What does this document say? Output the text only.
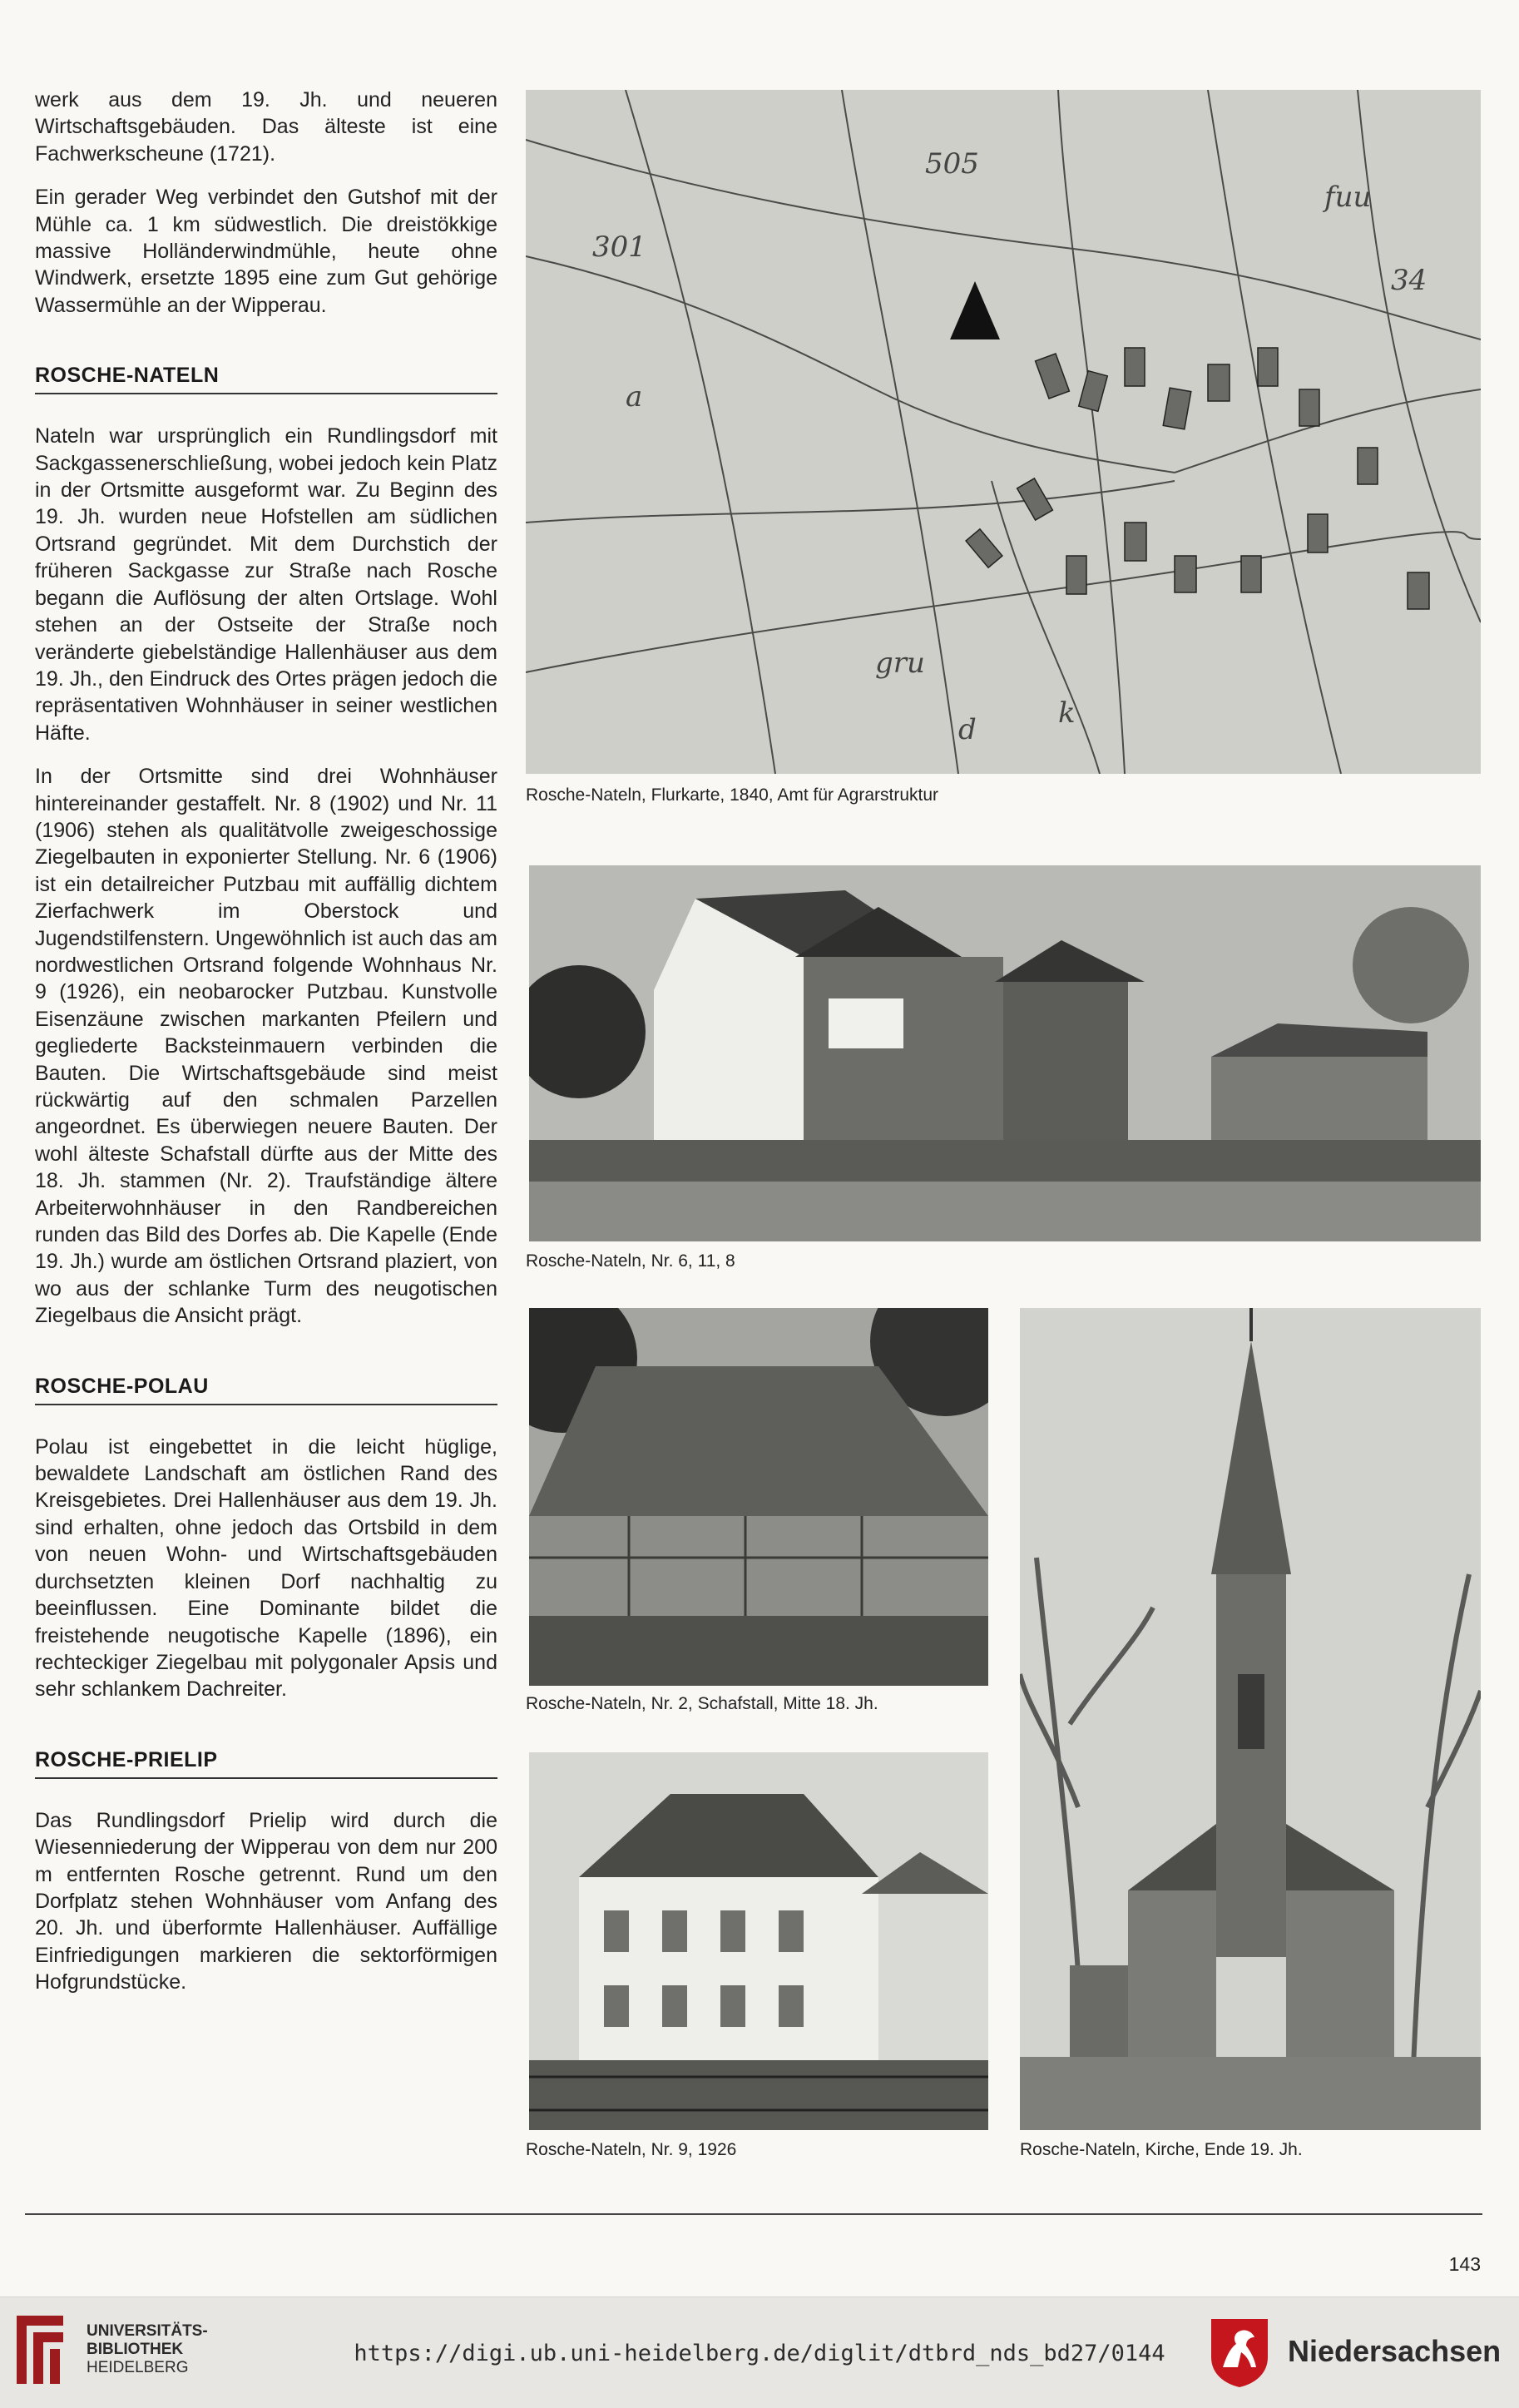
werk aus dem 19. Jh. und neueren Wirtschaftsgebäuden. Das älteste ist eine Fachwerkscheune (1721).

Ein gerader Weg verbindet den Gutshof mit der Mühle ca. 1 km südwestlich. Die dreistökkige massive Holländerwindmühle, heute ohne Windwerk, ersetzte 1895 eine zum Gut gehörige Wassermühle an der Wipperau.

ROSCHE-NATELN

Nateln war ursprünglich ein Rundlingsdorf mit Sackgassenerschließung, wobei jedoch kein Platz in der Ortsmitte ausgeformt war. Zu Beginn des 19. Jh. wurden neue Hofstellen am südlichen Ortsrand gegründet. Mit dem Durchstich der früheren Sackgasse zur Straße nach Rosche begann die Auflösung der alten Ortslage. Wohl stehen an der Ostseite der Straße noch veränderte giebelständige Hallenhäuser aus dem 19. Jh., den Eindruck des Ortes prägen jedoch die repräsentativen Wohnhäuser in seiner westlichen Häfte.

In der Ortsmitte sind drei Wohnhäuser hintereinander gestaffelt. Nr. 8 (1902) und Nr. 11 (1906) stehen als qualitätvolle zweigeschossige Ziegelbauten in exponierter Stellung. Nr. 6 (1906) ist ein detailreicher Putzbau mit auffällig dichtem Zierfachwerk im Oberstock und Jugendstilfenstern. Ungewöhnlich ist auch das am nordwestlichen Ortsrand folgende Wohnhaus Nr. 9 (1926), ein neobarocker Putzbau. Kunstvolle Eisenzäune zwischen markanten Pfeilern und gegliederte Backsteinmauern verbinden die Bauten. Die Wirtschaftsgebäude sind meist rückwärtig auf den schmalen Parzellen angeordnet. Es überwiegen neuere Bauten. Der wohl älteste Schafstall dürfte aus der Mitte des 18. Jh. stammen (Nr. 2). Traufständige ältere Arbeiterwohnhäuser in den Randbereichen runden das Bild des Dorfes ab. Die Kapelle (Ende 19. Jh.) wurde am östlichen Ortsrand plaziert, von wo aus der schlanke Turm des neugotischen Ziegelbaus die Ansicht prägt.

ROSCHE-POLAU

Polau ist eingebettet in die leicht hüglige, bewaldete Landschaft am östlichen Rand des Kreisgebietes. Drei Hallenhäuser aus dem 19. Jh. sind erhalten, ohne jedoch das Ortsbild in dem von neuen Wohn- und Wirtschaftsgebäuden durchsetzten kleinen Dorf nachhaltig zu beeinflussen. Eine Dominante bildet die freistehende neugotische Kapelle (1896), ein rechteckiger Ziegelbau mit polygonaler Apsis und sehr schlankem Dachreiter.

ROSCHE-PRIELIP

Das Rundlingsdorf Prielip wird durch die Wiesenniederung der Wipperau von dem nur 200 m entfernten Rosche getrennt. Rund um den Dorfplatz stehen Wohnhäuser vom Anfang des 20. Jh. und überformte Hallenhäuser. Auffällige Einfriedigungen markieren die sektorförmigen Hofgrundstücke.

301
505
a
gru
d	k
fuu
34
Rosche-Nateln, Flurkarte, 1840, Amt für Agrarstruktur
Rosche-Nateln, Nr. 6, 11, 8
Rosche-Nateln, Nr. 2, Schafstall, Mitte 18. Jh.
Rosche-Nateln, Nr. 9, 1926	Rosche-Nateln, Kirche, Ende 19. Jh.
143
UNIVERSITÄTS-
BIBLIOTHEK
HEIDELBERG
https://digi.ub.uni-heidelberg.de/diglit/dtbrd_nds_bd27/0144	Niedersachsen
